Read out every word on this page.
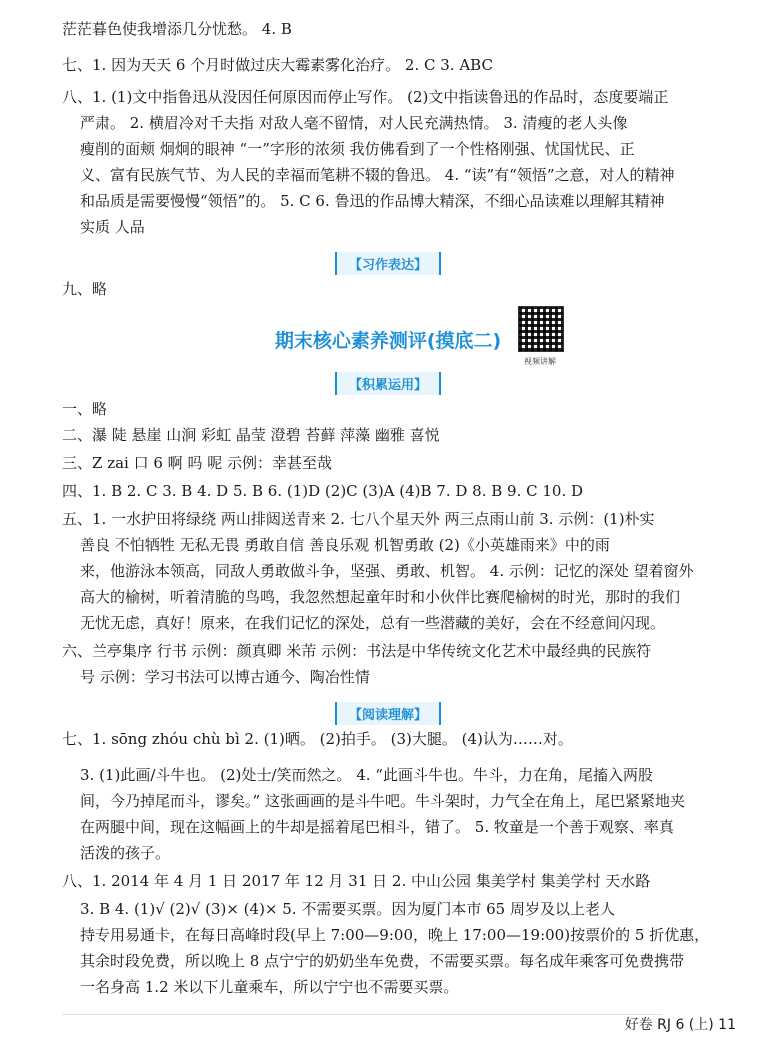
茫茫暮色使我增添几分忧愁。 4. B
七、1. 因为天天 6 个月时做过庆大霉素雾化治疗。 2. C 3. ABC
八、1. (1)文中指鲁迅从没因任何原因而停止写作。 (2)文中指读鲁迅的作品时，态度要端正
严肃。 2. 横眉冷对千夫指 对敌人毫不留情，对人民充满热情。 3. 清瘦的老人头像
瘦削的面颊 炯炯的眼神 “一”字形的浓须 我仿佛看到了一个性格刚强、忧国忧民、正
义、富有民族气节、为人民的幸福而笔耕不辍的鲁迅。 4. “读”有“领悟”之意，对人的精神
和品质是需要慢慢“领悟”的。 5. C 6. 鲁迅的作品博大精深，不细心品读难以理解其精神
实质 人品
【习作表达】
九、略
期末核心素养测评(摸底二)
视频讲解
【积累运用】
一、略
二、瀑 陡 悬崖 山涧 彩虹 晶莹 澄碧 苔藓 萍藻 幽雅 喜悦
三、Z zai 口 6 啊 吗 呢 示例：幸甚至哉
四、1. B 2. C 3. B 4. D 5. B 6. (1)D (2)C (3)A (4)B 7. D 8. B 9. C 10. D
五、1. 一水护田将绿绕 两山排闼送青来 2. 七八个星天外 两三点雨山前 3. 示例：(1)朴实
善良 不怕牺牲 无私无畏 勇敢自信 善良乐观 机智勇敢 (2)《小英雄雨来》中的雨
来，他游泳本领高，同敌人勇敢做斗争，坚强、勇敢、机智。 4. 示例：记忆的深处 望着窗外
高大的榆树，听着清脆的鸟鸣，我忽然想起童年时和小伙伴比赛爬榆树的时光，那时的我们
无忧无虑，真好！原来，在我们记忆的深处，总有一些潜藏的美好，会在不经意间闪现。
六、兰亭集序 行书 示例：颜真卿 米芾 示例：书法是中华传统文化艺术中最经典的民族符
号 示例：学习书法可以博古通今、陶冶性情
【阅读理解】
七、1. sōng zhóu chù bì 2. (1)晒。 (2)拍手。 (3)大腿。 (4)认为……对。
3. (1)此画/斗牛也。 (2)处士/笑而然之。 4. “此画斗牛也。牛斗，力在角，尾搐入两股
间，今乃掉尾而斗，谬矣。” 这张画画的是斗牛吧。牛斗架时，力气全在角上，尾巴紧紧地夹
在两腿中间，现在这幅画上的牛却是摇着尾巴相斗，错了。 5. 牧童是一个善于观察、率真
活泼的孩子。
八、1. 2014 年 4 月 1 日 2017 年 12 月 31 日 2. 中山公园 集美学村 集美学村 天水路
3. B 4. (1)√ (2)√ (3)× (4)× 5. 不需要买票。因为厦门本市 65 周岁及以上老人
持专用易通卡，在每日高峰时段(早上 7:00—9:00，晚上 17:00—19:00)按票价的 5 折优惠，
其余时段免费，所以晚上 8 点宁宁的奶奶坐车免费，不需要买票。每名成年乘客可免费携带
一名身高 1.2 米以下儿童乘车，所以宁宁也不需要买票。
好卷 RJ 6 (上) 11
